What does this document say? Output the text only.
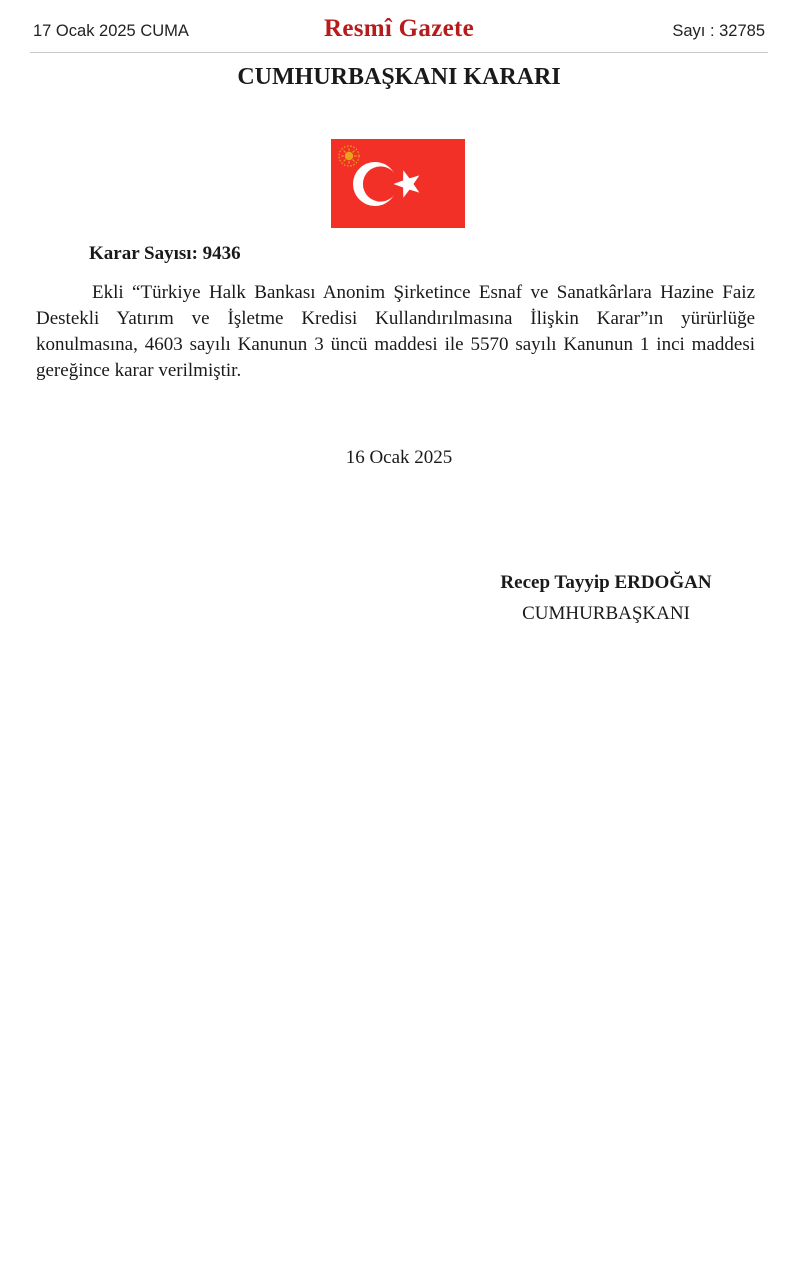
17 Ocak 2025 CUMA	Resmî Gazete	Sayı : 32785
CUMHURBAŞKANI KARARI
Karar Sayısı: 9436
Ekli “Türkiye Halk Bankası Anonim Şirketince Esnaf ve Sanatkârlara Hazine Faiz Destekli Yatırım ve İşletme Kredisi Kullandırılmasına İlişkin Karar”ın yürürlüğe konulmasına, 4603 sayılı Kanunun 3 üncü maddesi ile 5570 sayılı Kanunun 1 inci maddesi gereğince karar verilmiştir.
16 Ocak 2025
Recep Tayyip ERDOĞAN
CUMHURBAŞKANI
